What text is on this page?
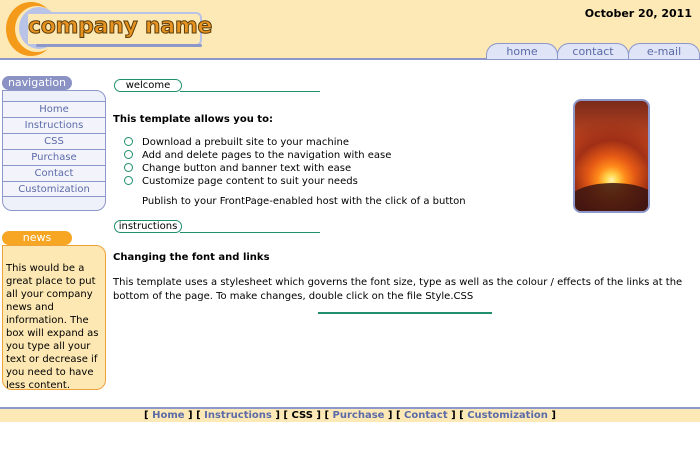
company name
October 20, 2011
home	contact	e-mail
navigation
Home
Instructions
CSS
Purchase
Contact
Customization
news
This would be a great place to put all your company news and information. The box will expand as you type all your text or decrease if you need to have less content.
welcome
This template allows you to:
Download a prebuilt site to your machine
Add and delete pages to the navigation with ease
Change button and banner text with ease
Customize page content to suit your needs
Publish to your FrontPage-enabled host with the click of a button
instructions
Changing the font and links
This template uses a stylesheet which governs the font size, type as well as the colour / effects of the links at the bottom of the page. To make changes, double click on the file Style.CSS
[ Home ] [ Instructions ] [ CSS ] [ Purchase ] [ Contact ] [ Customization ]
